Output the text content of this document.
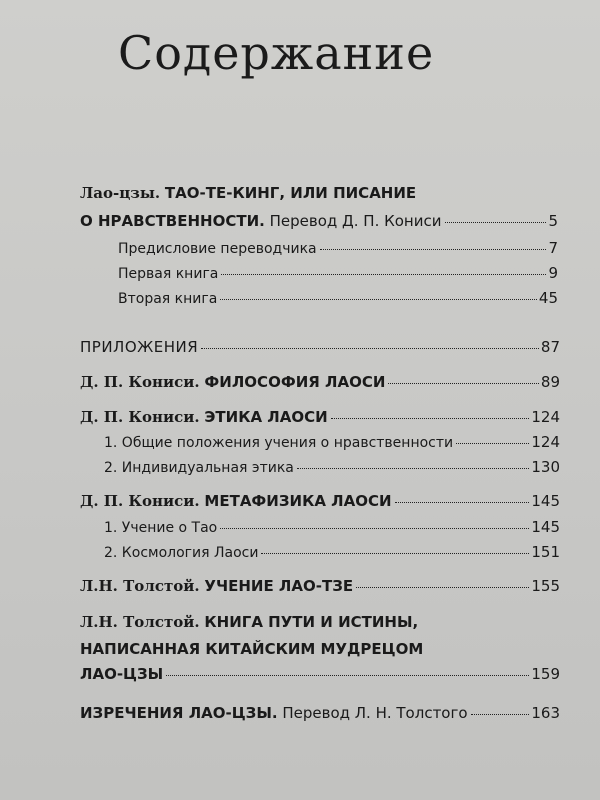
Содержание
Лао-цзы. ТАО-ТЕ-КИНГ, ИЛИ ПИСАНИЕ
О НРАВСТВЕННОСТИ. Перевод Д. П. Кониси	5
Предисловие переводчика	7
Первая книга	9
Вторая книга	45
ПРИЛОЖЕНИЯ	87
Д. П. Кониси. ФИЛОСОФИЯ ЛАОСИ	89
Д. П. Кониси. ЭТИКА ЛАОСИ	124
1. Общие положения учения о нравственности	124
2. Индивидуальная этика	130
Д. П. Кониси. МЕТАФИЗИКА ЛАОСИ	145
1. Учение о Тао	145
2. Космология Лаоси	151
Л.Н. Толстой. УЧЕНИЕ ЛАО-ТЗЕ	155
Л.Н. Толстой. КНИГА ПУТИ И ИСТИНЫ,
НАПИСАННАЯ КИТАЙСКИМ МУДРЕЦОМ
ЛАО-ЦЗЫ	159
ИЗРЕЧЕНИЯ ЛАО-ЦЗЫ. Перевод Л. Н. Толстого	163
